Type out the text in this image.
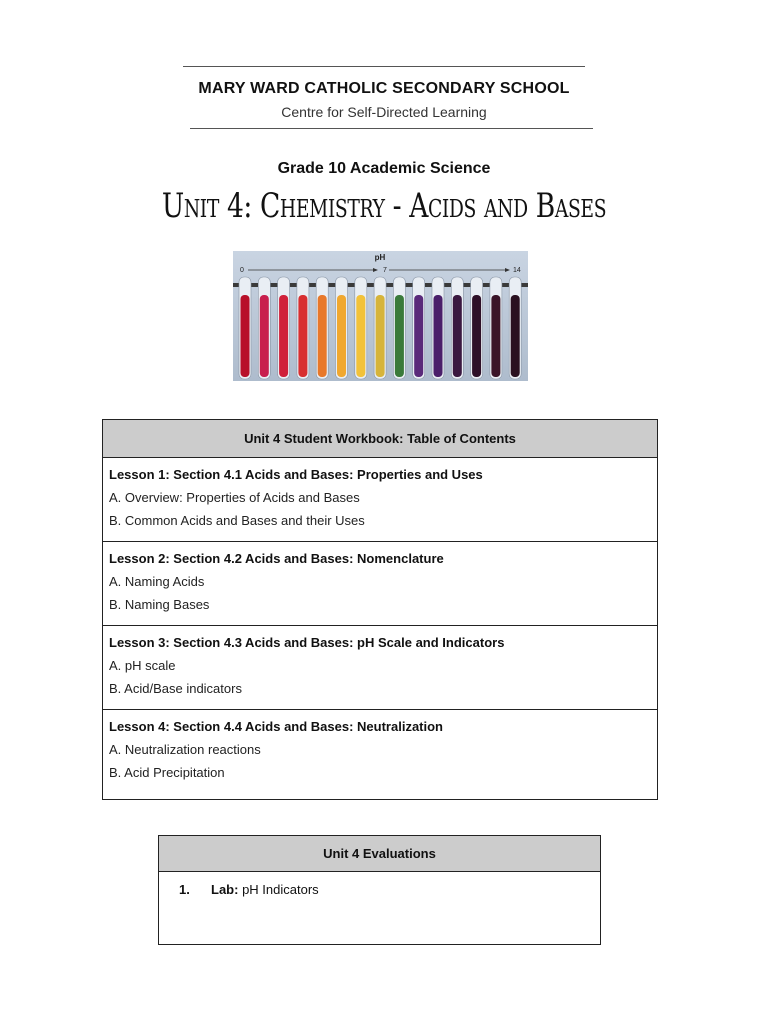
MARY WARD CATHOLIC SECONDARY SCHOOL
Centre for Self-Directed Learning
Grade 10 Academic Science
Unit 4: Chemistry - Acids and Bases
pH
0	7	14
Unit 4 Student Workbook: Table of Contents
Lesson 1: Section 4.1 Acids and Bases: Properties and Uses
A. Overview: Properties of Acids and Bases
B. Common Acids and Bases and their Uses
Lesson 2: Section 4.2 Acids and Bases: Nomenclature
A. Naming Acids
B. Naming Bases
Lesson 3: Section 4.3 Acids and Bases: pH Scale and Indicators
A. pH scale
B. Acid/Base indicators
Lesson 4: Section 4.4 Acids and Bases: Neutralization
A. Neutralization reactions
B. Acid Precipitation
Unit 4 Evaluations
1. Lab: pH Indicators
